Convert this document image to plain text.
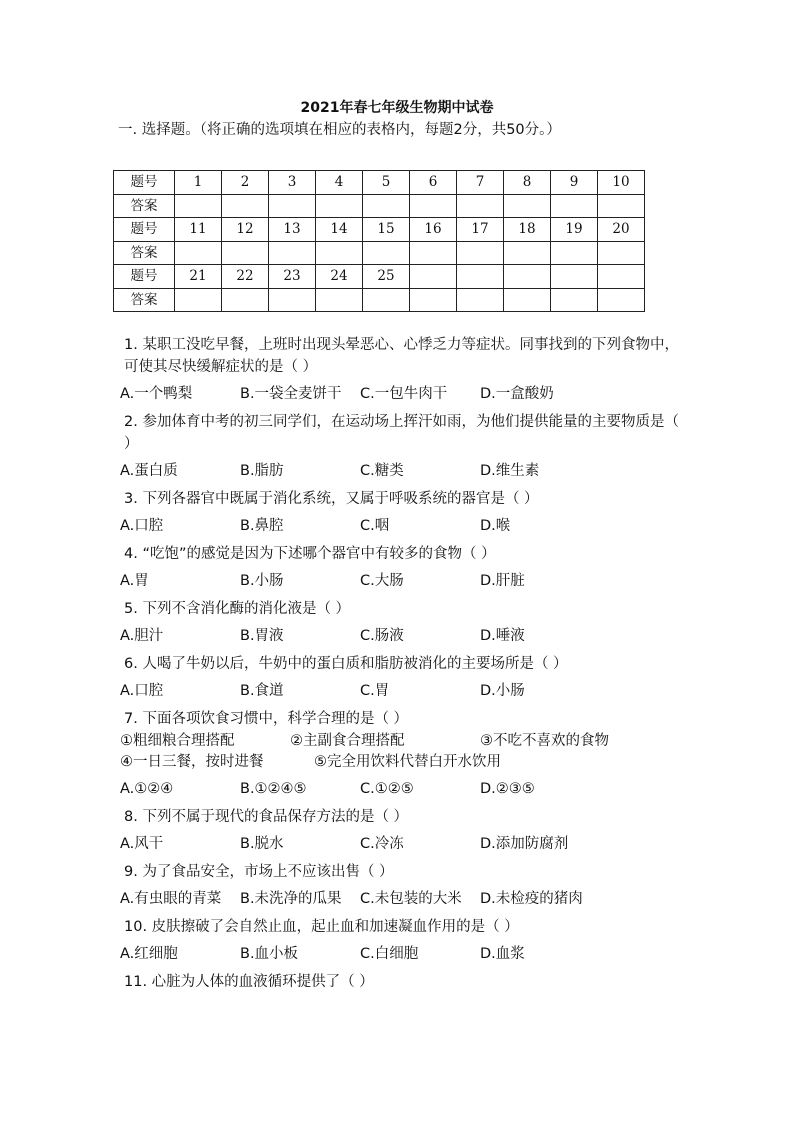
2021年春七年级生物期中试卷
一. 选择题。（将正确的选项填在相应的表格内，每题2分，共50分。）
题号	1	2	3	4	5	6	7	8	9	10
答案										
题号	11	12	13	14	15	16	17	18	19	20
答案										
题号	21	22	23	24	25					
答案										
1. 某职工没吃早餐，上班时出现头晕恶心、心悸乏力等症状。同事找到的下列食物中，可使其尽快缓解症状的是（ ）
A.一个鸭梨	B.一袋全麦饼干	C.一包牛肉干	D.一盒酸奶
2. 参加体育中考的初三同学们，在运动场上挥汗如雨，为他们提供能量的主要物质是（ ）
A.蛋白质	B.脂肪	C.糖类	D.维生素
3. 下列各器官中既属于消化系统，又属于呼吸系统的器官是（ ）
A.口腔	B.鼻腔	C.咽	D.喉
4. “吃饱”的感觉是因为下述哪个器官中有较多的食物（ ）
A.胃	B.小肠	C.大肠	D.肝脏
5. 下列不含消化酶的消化液是（ ）
A.胆汁	B.胃液	C.肠液	D.唾液
6. 人喝了牛奶以后，牛奶中的蛋白质和脂肪被消化的主要场所是（ ）
A.口腔	B.食道	C.胃	D.小肠
7. 下面各项饮食习惯中，科学合理的是（ ）
①粗细粮合理搭配	②主副食合理搭配	③不吃不喜欢的食物
④一日三餐，按时进餐	⑤完全用饮料代替白开水饮用
A.①②④	B.①②④⑤	C.①②⑤	D.②③⑤
8. 下列不属于现代的食品保存方法的是（ ）
A.风干	B.脱水	C.冷冻	D.添加防腐剂
9. 为了食品安全，市场上不应该出售（ ）
A.有虫眼的青菜	B.未洗净的瓜果	C.未包装的大米	D.未检疫的猪肉
10. 皮肤擦破了会自然止血，起止血和加速凝血作用的是（ ）
A.红细胞	B.血小板	C.白细胞	D.血浆
11. 心脏为人体的血液循环提供了（ ）
